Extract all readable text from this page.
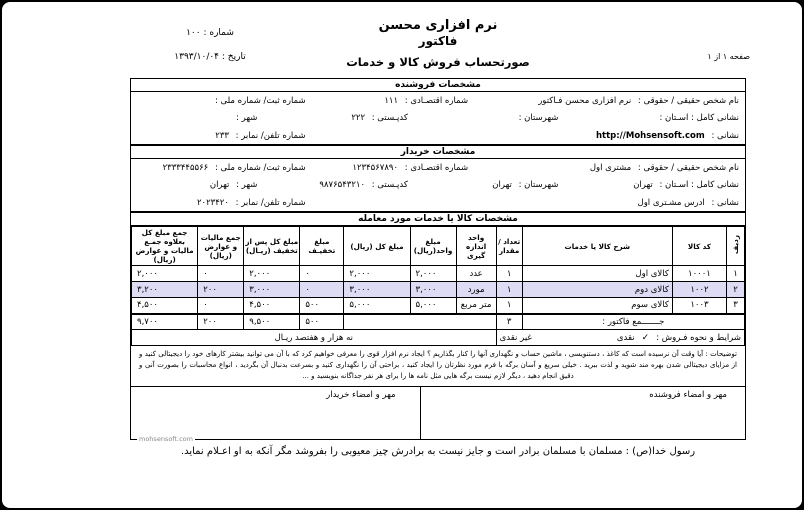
نرم افزاری محسن
فاکتور
صورتحساب فروش کالا و خدمات
شماره : ۱۰۰
تاریخ : ۱۳۹۳/۱۰/۰۴	صفحه ۱ از ۱
مشخصات فروشنده
نام شخص حقیقی / حقوقی : نرم افزاری محسن فـاکتور
شماره اقتصـادی : ۱۱۱
شماره ثبت/ شماره ملی :
نشانی کامل : اسـتان :
شهرستان :
کدپـستی : ۲۲۲
شهر :
نشانی : http://Mohsensoft.com
شماره تلفن/ نمابر : ۲۳۳
مشخصات خریدار
نام شخص حقیقی / حقوقی : مشتری اول
شماره اقتصـادی : ۱۲۳۴۵۶۷۸۹۰
شماره ثبت/ شماره ملی : ۲۳۳۳۴۴۵۵۶۶
نشانی کامل : اسـتان : تهران
شهرستان : تهران
کدپـستی : ۹۸۷۶۵۴۳۲۱۰
شهر : تهران
نشانی : آدرس مشـتری اول
شماره تلفن/ نمابر : ۲۰۲۳۴۲۰
مشخصات کالا یا خدمات مورد معامله
ردیف	کد کالا	شرح کالا یا خدمات	تعداد / مقدار	واحد اندازه گیری	مبلغ واحد(ریال)	مبلغ کل (ریال)	مبلغ تخفیـف	مبلغ کل پس از تخفیف (ریـال)	جمع مالیات و عوارض (ریال)	جمع مبلغ کل بعلاوه جمـع مالیات و عوارض (ریال)
۱	۱۰۰۰۱	کالای اول	۱	عدد	۲,۰۰۰	۲,۰۰۰	۰	۲,۰۰۰	۰	۲,۰۰۰
۲	۱۰۰۲	کالای دوم	۱	مورد	۳,۰۰۰	۳,۰۰۰	۰	۳,۰۰۰	۲۰۰	۳,۲۰۰
۳	۱۰۰۳	کالای سوم	۱	متر مربع	۵,۰۰۰	۵,۰۰۰	۵۰۰	۴,۵۰۰	۰	۴,۵۰۰
جـــــــمع فاکتور :			۳				۵۰۰	۹,۵۰۰	۲۰۰	۹,۷۰۰

شرایط و نحوه فـروش :
✓
نقدی
غیر نقدی				نه هزار و هفتصد ریـال						
توضیحات : آیا وقت آن نرسیده است که کاغذ ، دستنویسی ، ماشین حساب و نگهداری آنها را کنار بگذاریم ؟ ایجاد نرم افزار قوی را معرفی خواهیم کرد که با آن می توانید بیشتر کارهای خود را دیجیتالی کنید و از مزایای دیجیتالی شدن بهره مند شوید و لذت ببرید . خیلی سریع و آسان برگه با فرم مورد نظرتان را ایجاد کنید ، براحتی آن را نگهداری کنید و بسرعت بدنبال آن بگردید ، انواع محاسبات را بصورت آنی و دقیق انجام دهید ، دیگر لازم نیست برگه هایی مثل نامه ها را برای هر نفر جداگانه بنویسید و ...
مهر و امضاء فروشنده
مهر و امضاء خریدار
mohsensoft.com
رسول خدا(ص) : مسلمان با مسلمان برادر است و جایز نیست به برادرش چیز معیوبی را بفروشد مگر آنکه به او اعـلام نماید.
